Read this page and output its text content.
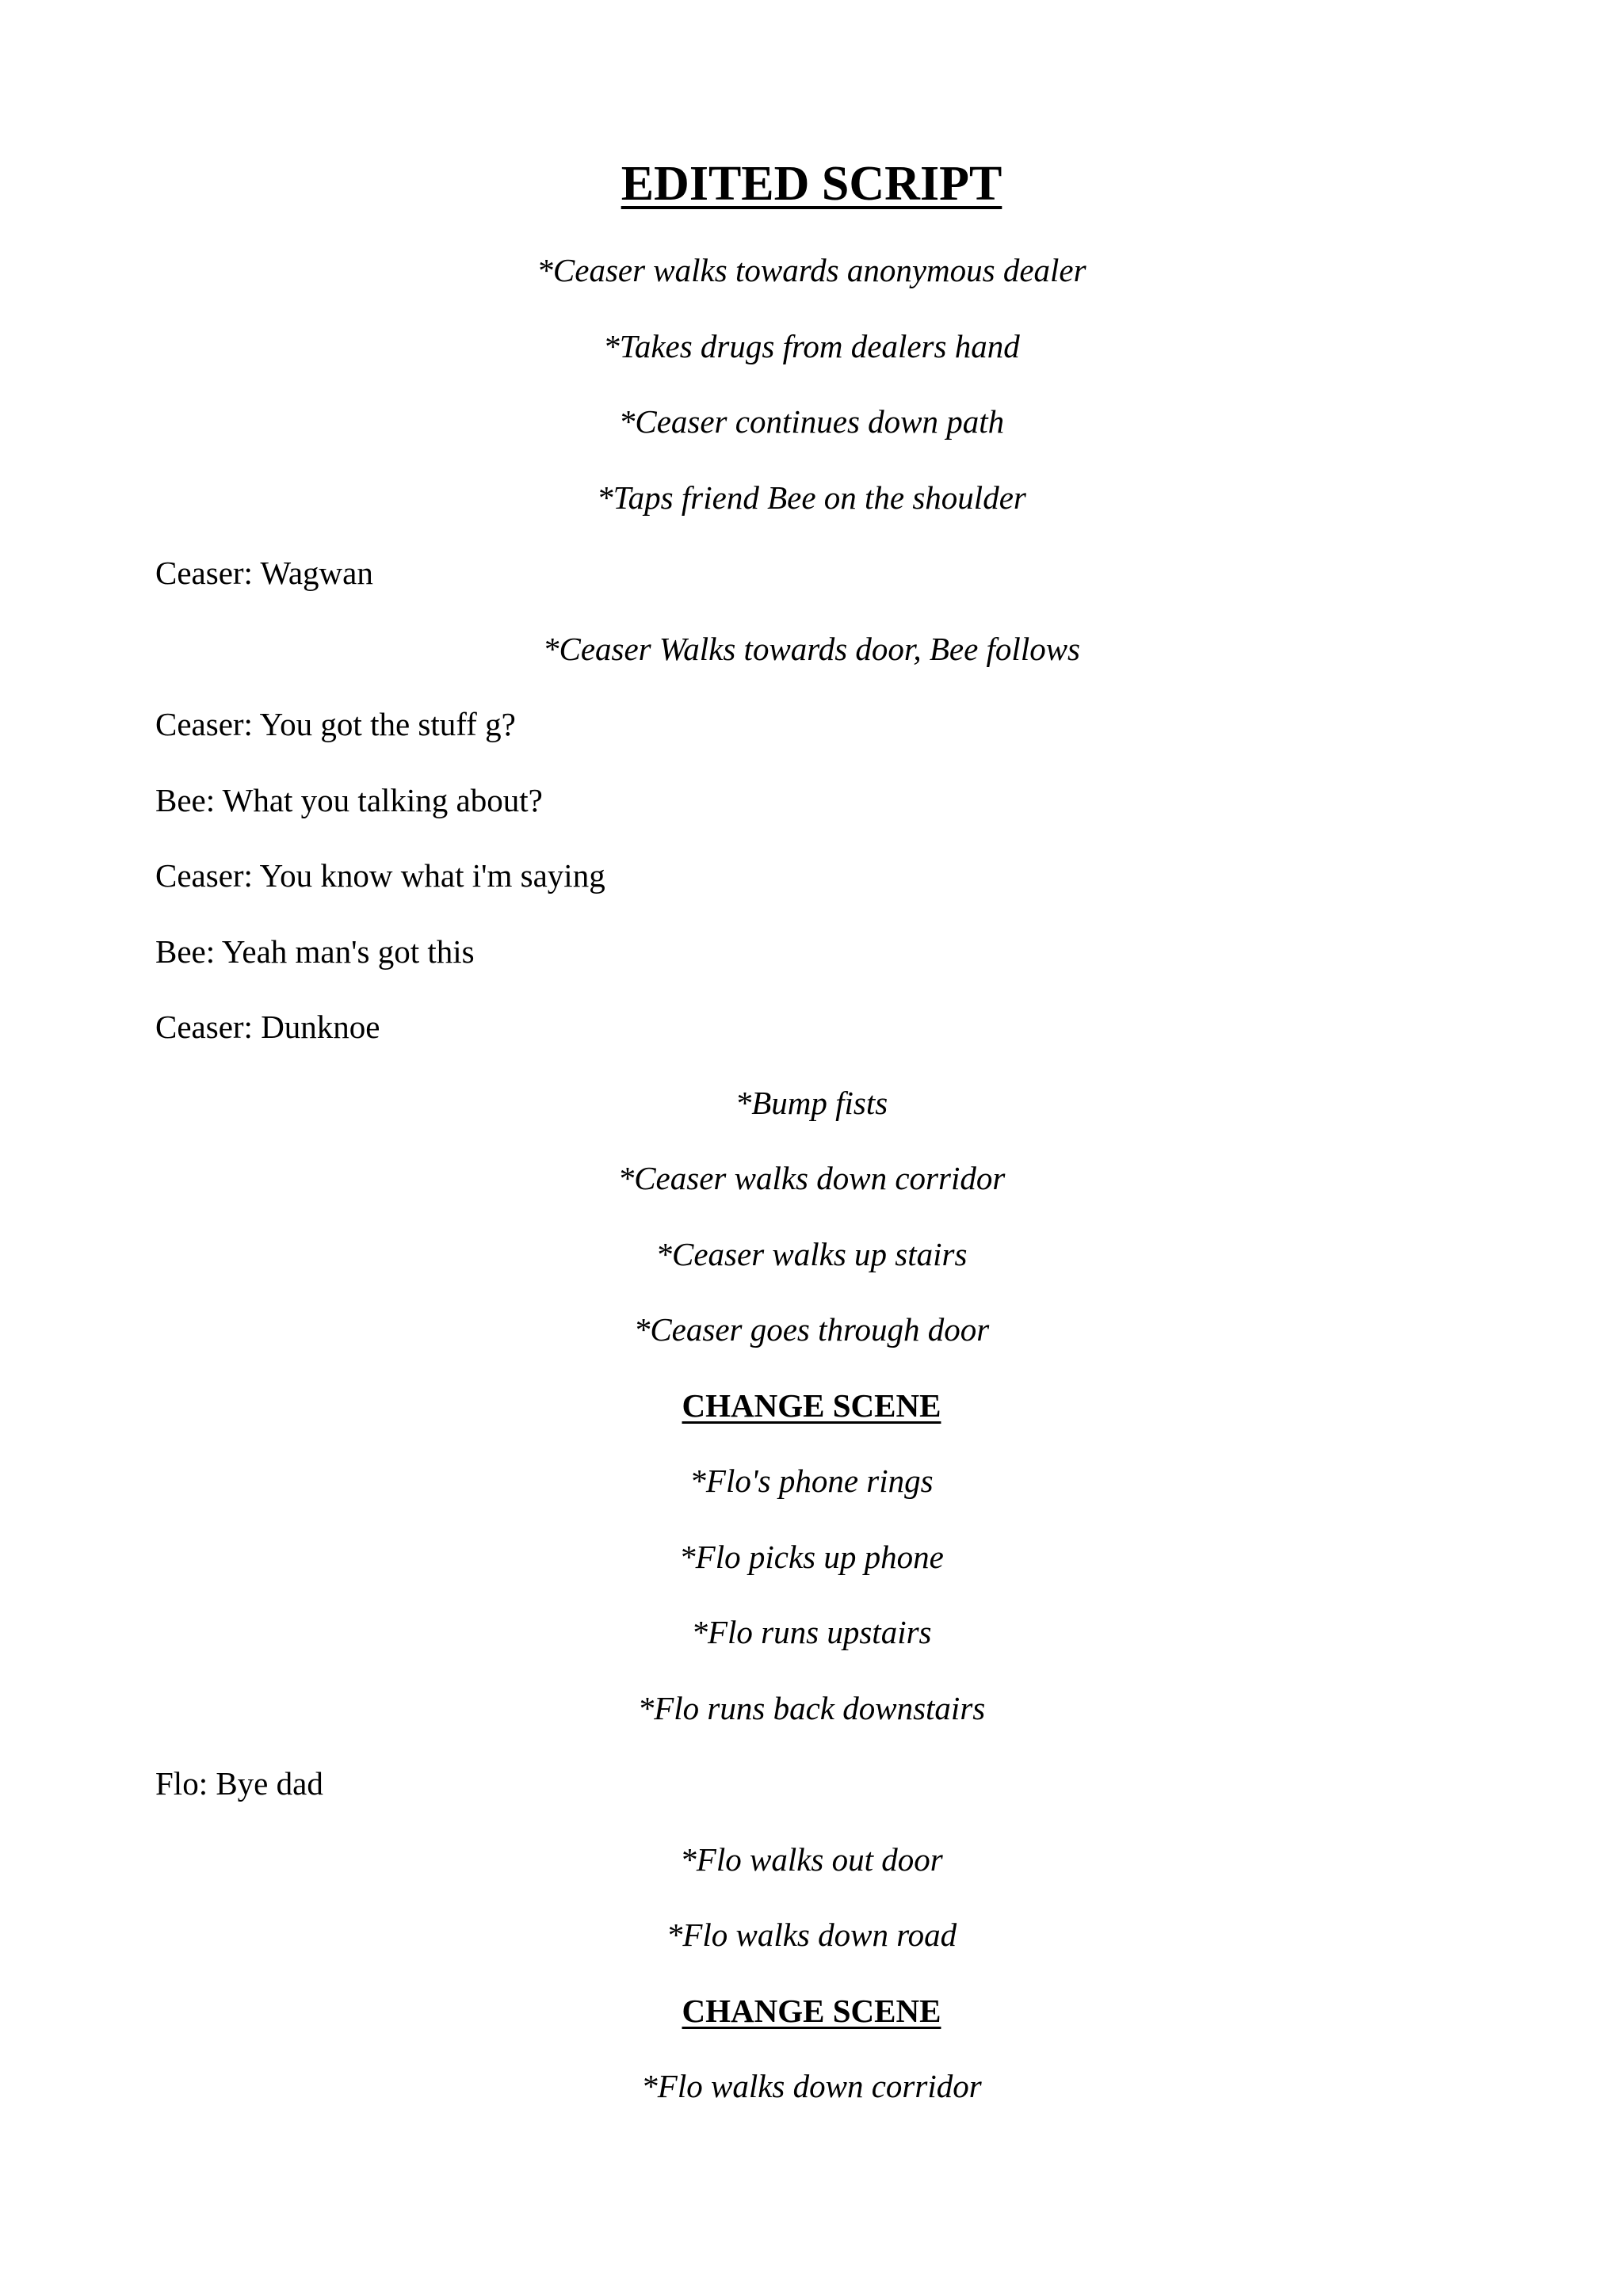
EDITED SCRIPT
*Ceaser walks towards anonymous dealer
*Takes drugs from dealers hand
*Ceaser continues down path
*Taps friend Bee on the shoulder
Ceaser: Wagwan
*Ceaser Walks towards door, Bee follows
Ceaser: You got the stuff g?
Bee: What you talking about?
Ceaser: You know what i'm saying
Bee: Yeah man's got this
Ceaser: Dunknoe
*Bump fists
*Ceaser walks down corridor
*Ceaser walks up stairs
*Ceaser goes through door
CHANGE SCENE
*Flo's phone rings
*Flo picks up phone
*Flo runs upstairs
*Flo runs back downstairs
Flo: Bye dad
*Flo walks out door
*Flo walks down road
CHANGE SCENE
*Flo walks down corridor
